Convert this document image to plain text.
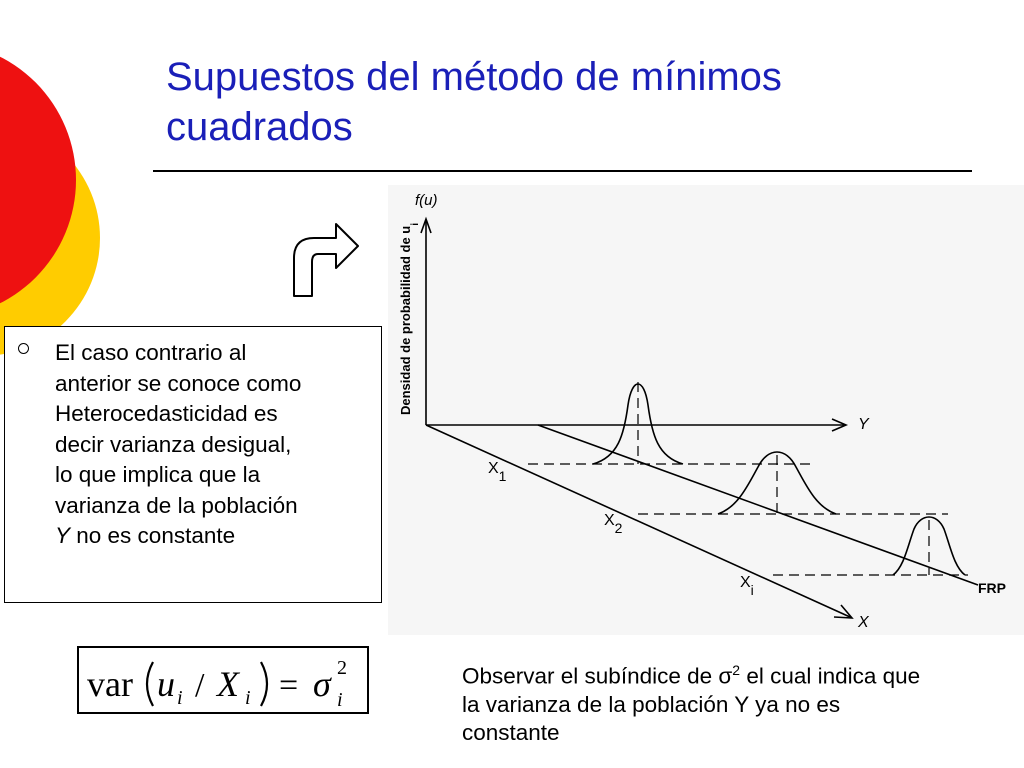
Supuestos del método de mínimos cuadrados
El caso contrario al
anterior se conoce como
Heterocedasticidad es
decir varianza desigual,
lo que implica que la
varianza de la población
Y no es constante
f(u)
Densidad de probabilidad de $u_i$
Y
X
X1
X2
Xi	FRP
var u i / X i = σ 2
i
Observar el subíndice de $\sigma^2$ el cual indica que la varianza de la población Y ya no es constante
